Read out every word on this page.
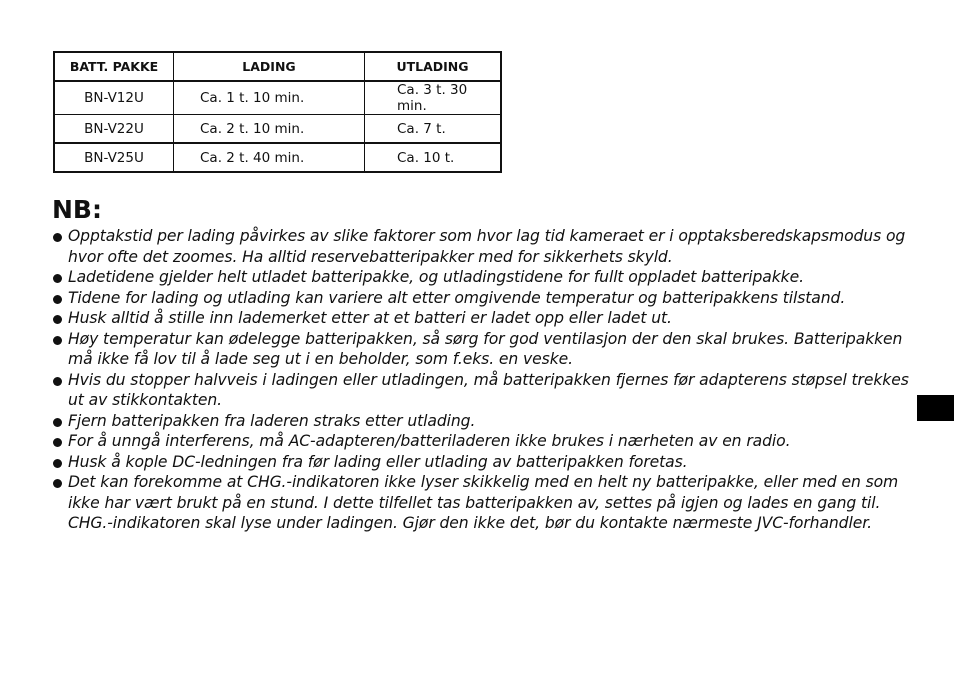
BATT. PAKKE	LADING	UTLADING
BN-V12U	Ca. 1 t. 10 min.	Ca. 3 t. 30 min.
BN-V22U	Ca. 2 t. 10 min.	Ca. 7 t.
BN-V25U	Ca. 2 t. 40 min.	Ca. 10 t.
NB:
Opptakstid per lading påvirkes av slike faktorer som hvor lag tid kameraet er i opptaksberedskapsmodus og hvor ofte det zoomes. Ha alltid reservebatteripakker med for sikkerhets skyld.
Ladetidene gjelder helt utladet batteripakke, og utladingstidene for fullt oppladet batteripakke.
Tidene for lading og utlading kan variere alt etter omgivende temperatur og batteripakkens tilstand.
Husk alltid å stille inn lademerket etter at et batteri er ladet opp eller ladet ut.
Høy temperatur kan ødelegge batteripakken, så sørg for god ventilasjon der den skal brukes. Batteripakken må ikke få lov til å lade seg ut i en beholder, som f.eks. en veske.
Hvis du stopper halvveis i ladingen eller utladingen, må batteripakken fjernes før adapterens støpsel trekkes ut av stikkontakten.
Fjern batteripakken fra laderen straks etter utlading.
For å unngå interferens, må AC-adapteren/batteriladeren ikke brukes i nærheten av en radio.
Husk å kople DC-ledningen fra før lading eller utlading av batteripakken foretas.
Det kan forekomme at CHG.-indikatoren ikke lyser skikkelig med en helt ny batteripakke, eller med en som ikke har vært brukt på en stund. I dette tilfellet tas batteripakken av, settes på igjen og lades en gang til. CHG.-indikatoren skal lyse under ladingen. Gjør den ikke det, bør du kontakte nærmeste JVC-forhandler.
